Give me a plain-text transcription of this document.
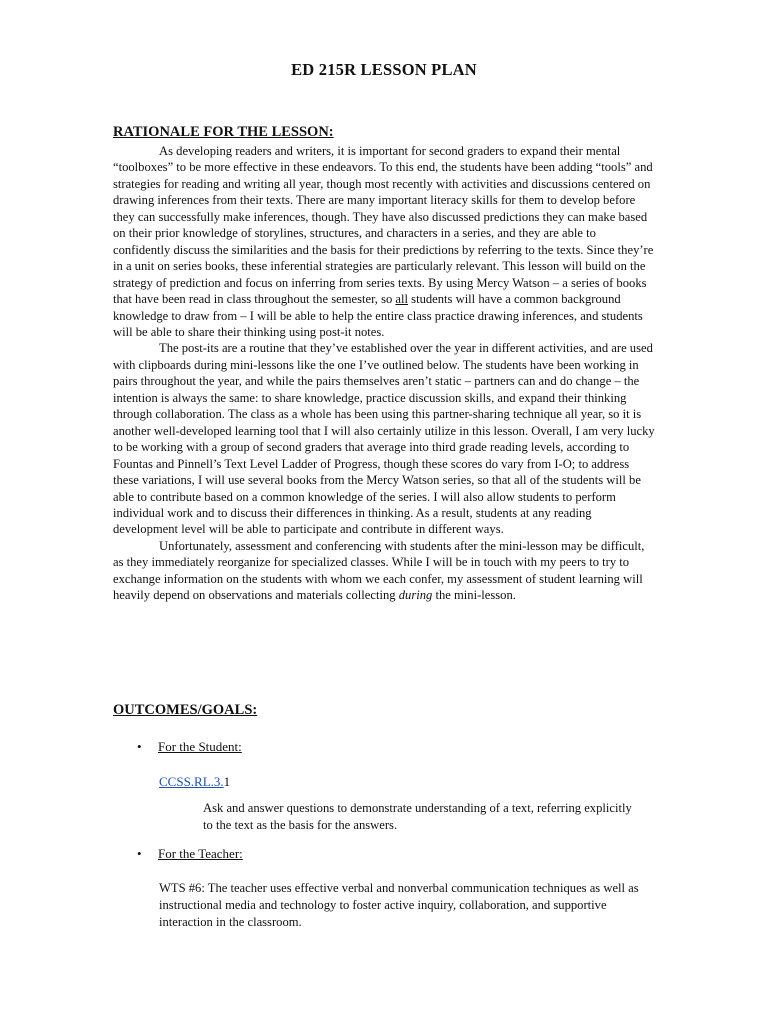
ED 215R LESSON PLAN
RATIONALE FOR THE LESSON:

As developing readers and writers, it is important for second graders to expand their mental “toolboxes” to be more effective in these endeavors. To this end, the students have been adding “tools” and strategies for reading and writing all year, though most recently with activities and discussions centered on drawing inferences from their texts. There are many important literacy skills for them to develop before they can successfully make inferences, though. They have also discussed predictions they can make based on their prior knowledge of storylines, structures, and characters in a series, and they are able to confidently discuss the similarities and the basis for their predictions by referring to the texts. Since they’re in a unit on series books, these inferential strategies are particularly relevant. This lesson will build on the strategy of prediction and focus on inferring from series texts. By using Mercy Watson – a series of books that have been read in class throughout the semester, so all students will have a common background knowledge to draw from – I will be able to help the entire class practice drawing inferences, and students will be able to share their thinking using post-it notes.

The post-its are a routine that they’ve established over the year in different activities, and are used with clipboards during mini-lessons like the one I’ve outlined below. The students have been working in pairs throughout the year, and while the pairs themselves aren’t static – partners can and do change – the intention is always the same: to share knowledge, practice discussion skills, and expand their thinking through collaboration. The class as a whole has been using this partner-sharing technique all year, so it is another well-developed learning tool that I will also certainly utilize in this lesson. Overall, I am very lucky to be working with a group of second graders that average into third grade reading levels, according to Fountas and Pinnell’s Text Level Ladder of Progress, though these scores do vary from I-O; to address these variations, I will use several books from the Mercy Watson series, so that all of the students will be able to contribute based on a common knowledge of the series. I will also allow students to perform individual work and to discuss their differences in thinking. As a result, students at any reading development level will be able to participate and contribute in different ways.

Unfortunately, assessment and conferencing with students after the mini-lesson may be difficult, as they immediately reorganize for specialized classes. While I will be in touch with my peers to try to exchange information on the students with whom we each confer, my assessment of student learning will heavily depend on observations and materials collecting during the mini-lesson.

OUTCOMES/GOALS:
• For the Student:
CCSS.RL.3.1
Ask and answer questions to demonstrate understanding of a text, referring explicitly to the text as the basis for the answers.
• For the Teacher:
WTS #6: The teacher uses effective verbal and nonverbal communication techniques as well as instructional media and technology to foster active inquiry, collaboration, and supportive interaction in the classroom.
